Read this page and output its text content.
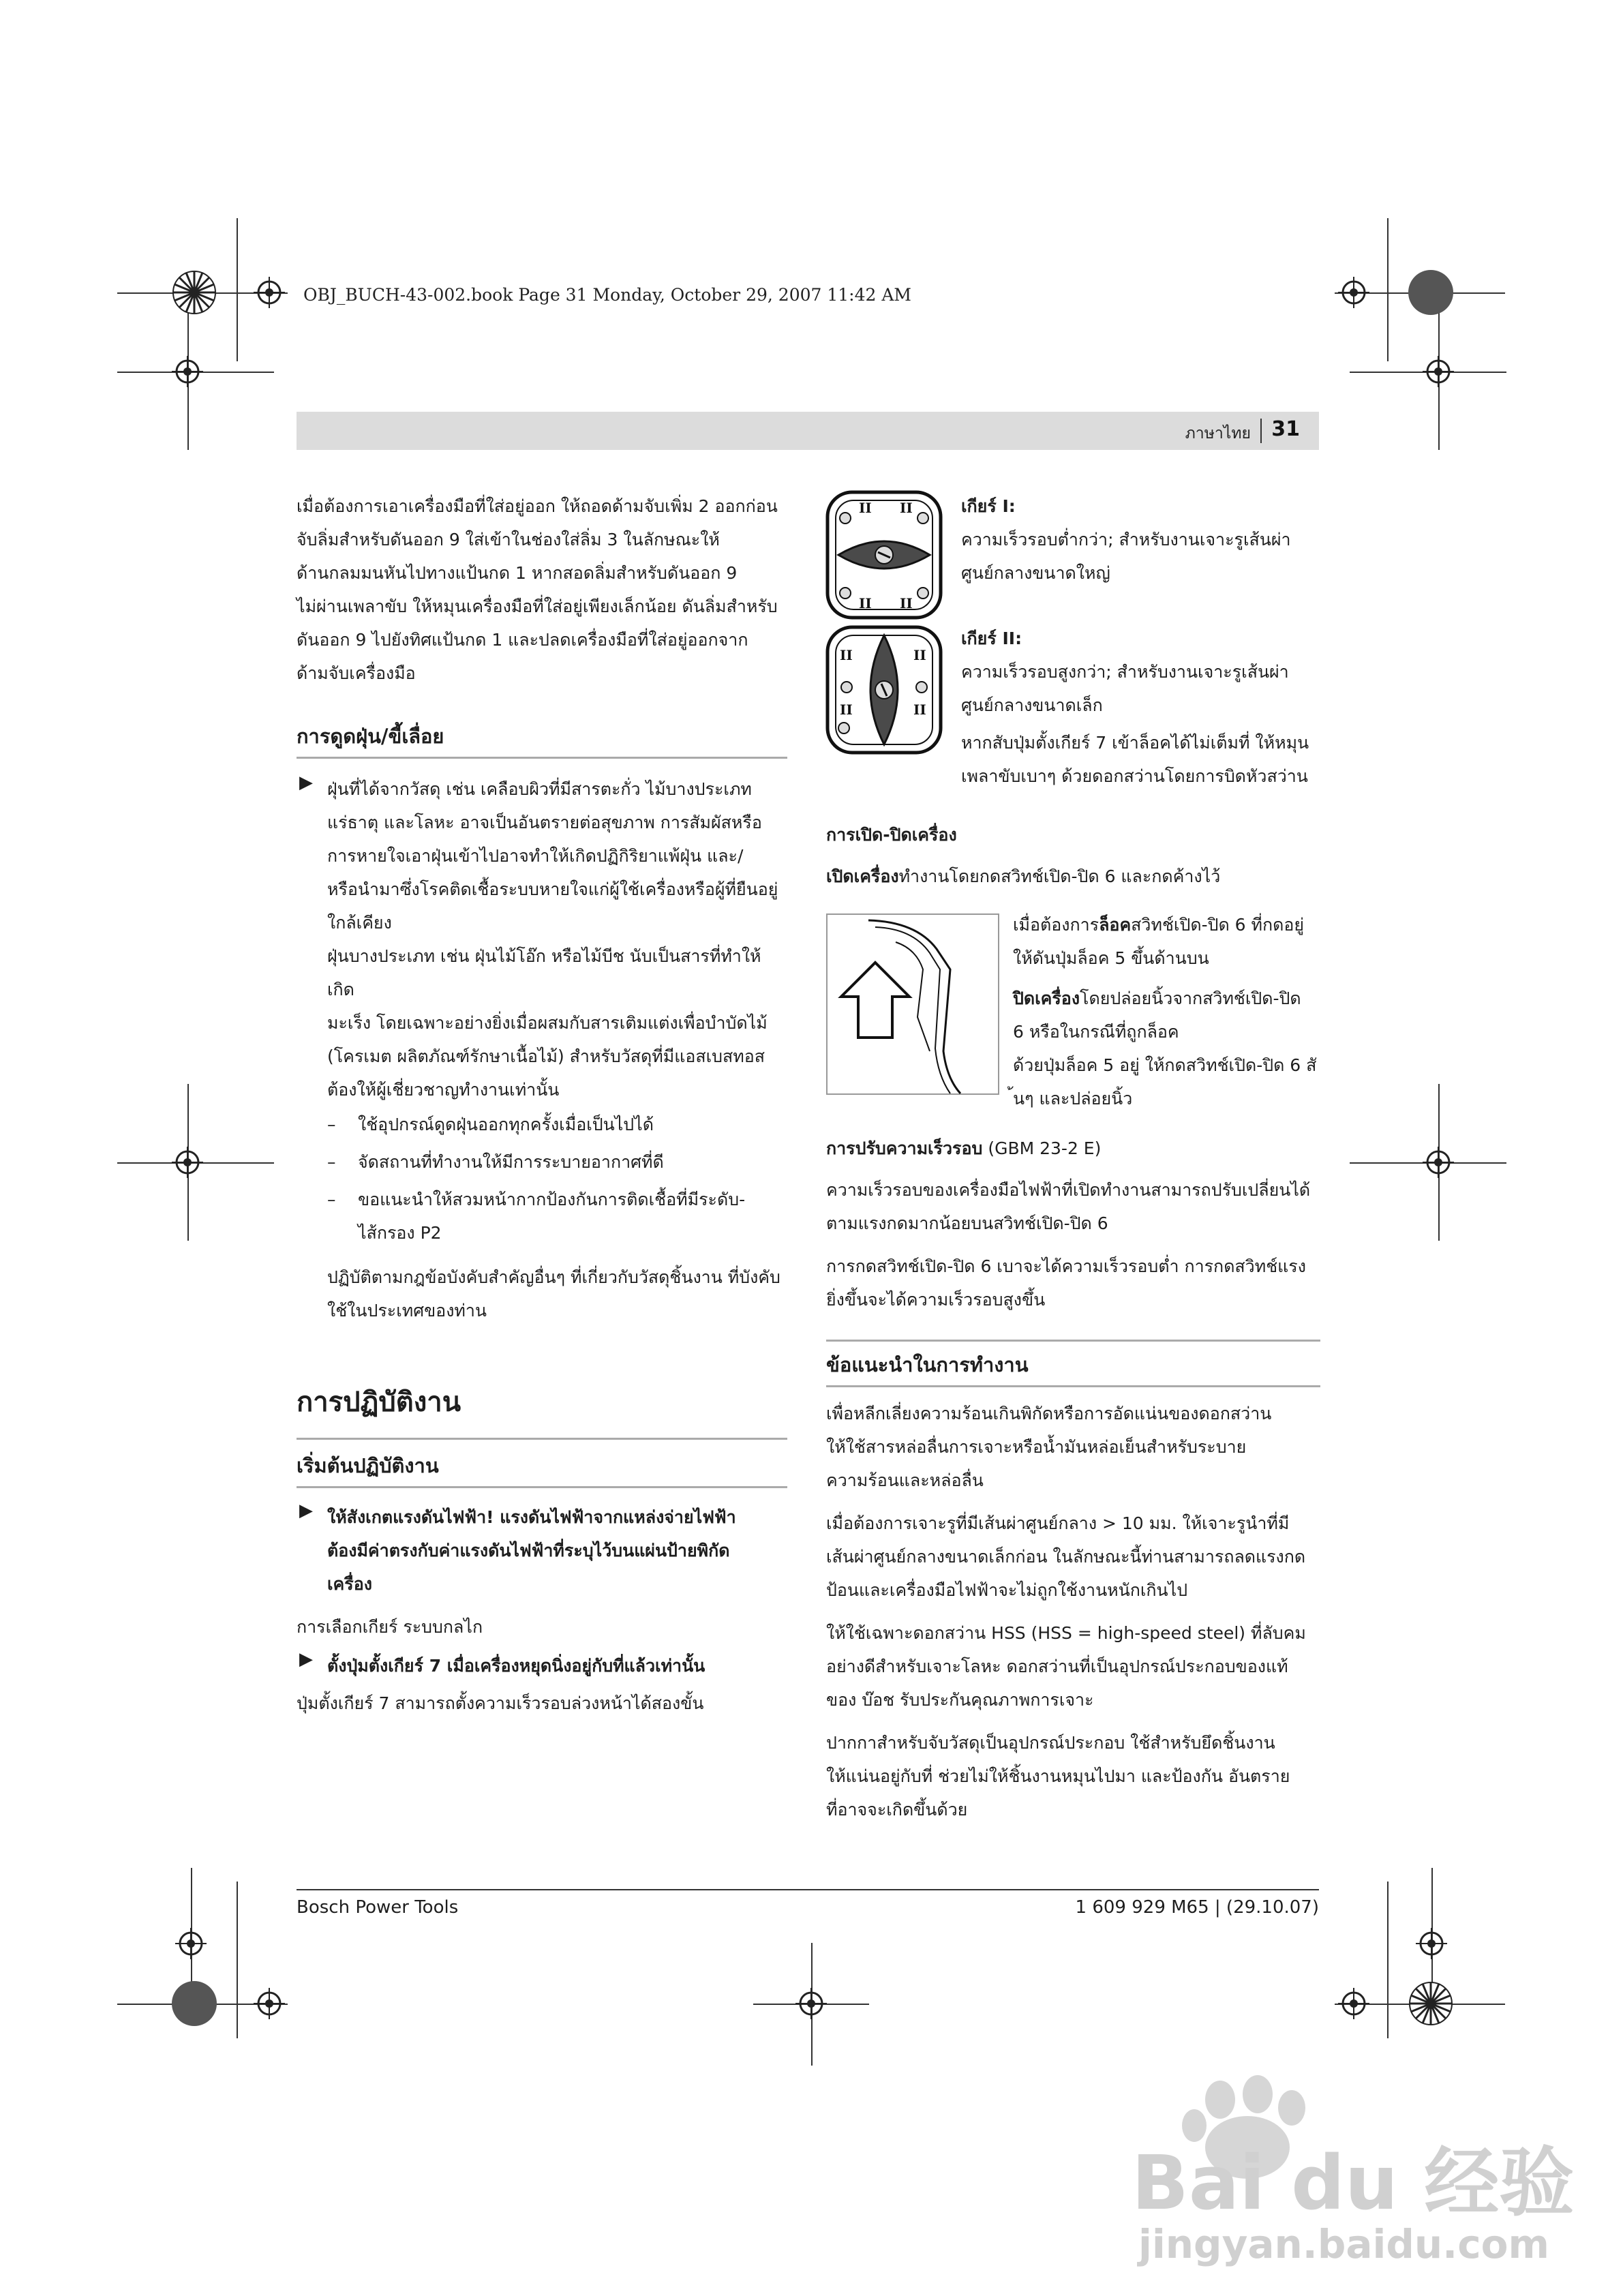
OBJ_BUCH-43-002.book Page 31 Monday, October 29, 2007 11:42 AM
ภาษาไทย 31

เมื่อต้องการเอาเครื่องมือที่ใส่อยู่ออก ให้ถอดด้ามจับเพิ่ม 2 ออกก่อน

จับลิ่มสำหรับดันออก 9 ใส่เข้าในช่องใส่ลิ่ม 3 ในลักษณะให้

ด้านกลมมนหันไปทางแป้นกด 1 หากสอดลิ่มสำหรับดันออก 9

ไม่ผ่านเพลาขับ ให้หมุนเครื่องมือที่ใส่อยู่เพียงเล็กน้อย ดันลิ่มสำหรับ

ดันออก 9 ไปยังทิศแป้นกด 1 และปลดเครื่องมือที่ใส่อยู่ออกจาก

ด้ามจับเครื่องมือ

การดูดฝุ่น/ขี้เลื่อย

▶ ฝุ่นที่ได้จากวัสดุ เช่น เคลือบผิวที่มีสารตะกั่ว ไม้บางประเภท

แร่ธาตุ และโลหะ อาจเป็นอันตรายต่อสุขภาพ การสัมผัสหรือ

การหายใจเอาฝุ่นเข้าไปอาจทำให้เกิดปฏิกิริยาแพ้ฝุ่น และ/

หรือนำมาซึ่งโรคติดเชื้อระบบหายใจแก่ผู้ใช้เครื่องหรือผู้ที่ยืนอยู่

ใกล้เคียง

ฝุ่นบางประเภท เช่น ฝุ่นไม้โอ๊ก หรือไม้บีช นับเป็นสารที่ทำให้เกิด

มะเร็ง โดยเฉพาะอย่างยิ่งเมื่อผสมกับสารเติมแต่งเพื่อบำบัดไม้

(โครเมต ผลิตภัณฑ์รักษาเนื้อไม้) สำหรับวัสดุที่มีแอสเบสทอส

ต้องให้ผู้เชี่ยวชาญทำงานเท่านั้น

– ใช้อุปกรณ์ดูดฝุ่นออกทุกครั้งเมื่อเป็นไปได้

– จัดสถานที่ทำงานให้มีการระบายอากาศที่ดี

– ขอแนะนำให้สวมหน้ากากป้องกันการติดเชื้อที่มีระดับ-

ไส้กรอง P2

ปฏิบัติตามกฎข้อบังคับสำคัญอื่นๆ ที่เกี่ยวกับวัสดุชิ้นงาน ที่บังคับ

ใช้ในประเทศของท่าน

การปฏิบัติงาน

เริ่มต้นปฏิบัติงาน

▶ ให้สังเกตแรงดันไฟฟ้า! แรงดันไฟฟ้าจากแหล่งจ่ายไฟฟ้า

ต้องมีค่าตรงกับค่าแรงดันไฟฟ้าที่ระบุไว้บนแผ่นป้ายพิกัด

เครื่อง

การเลือกเกียร์ ระบบกลไก

▶ ตั้งปุ่มตั้งเกียร์ 7 เมื่อเครื่องหยุดนิ่งอยู่กับที่แล้วเท่านั้น

ปุ่มตั้งเกียร์ 7 สามารถตั้งความเร็วรอบล่วงหน้าได้สองขั้น

II II
II II

เกียร์ I:

ความเร็วรอบต่ำกว่า; สำหรับงานเจาะรูเส้นผ่า

ศูนย์กลางขนาดใหญ่

II	II
II	II

เกียร์ II:

ความเร็วรอบสูงกว่า; สำหรับงานเจาะรูเส้นผ่า

ศูนย์กลางขนาดเล็ก

หากสับปุ่มตั้งเกียร์ 7 เข้าล็อคได้ไม่เต็มที่ ให้หมุน

เพลาขับเบาๆ ด้วยดอกสว่านโดยการบิดหัวสว่าน

การเปิด-ปิดเครื่อง

เปิดเครื่องทำงานโดยกดสวิทช์เปิด-ปิด 6 และกดค้างไว้

เมื่อต้องการล็อคสวิทช์เปิด-ปิด 6 ที่กดอยู่

ให้ดันปุ่มล็อค 5 ขึ้นด้านบน

ปิดเครื่องโดยปล่อยนิ้วจากสวิทช์เปิด-ปิด

6 หรือในกรณีที่ถูกล็อค

ด้วยปุ่มล็อค 5 อยู่ ให้กดสวิทช์เปิด-ปิด 6 สั

้นๆ และปล่อยนิ้ว

การปรับความเร็วรอบ (GBM 23-2 E)

ความเร็วรอบของเครื่องมือไฟฟ้าที่เปิดทำงานสามารถปรับเปลี่ยนได้

ตามแรงกดมากน้อยบนสวิทช์เปิด-ปิด 6

การกดสวิทช์เปิด-ปิด 6 เบาจะได้ความเร็วรอบต่ำ การกดสวิทช์แรง

ยิ่งขึ้นจะได้ความเร็วรอบสูงขึ้น

ข้อแนะนำในการทำงาน

เพื่อหลีกเลี่ยงความร้อนเกินพิกัดหรือการอัดแน่นของดอกสว่าน

ให้ใช้สารหล่อลื่นการเจาะหรือน้ำมันหล่อเย็นสำหรับระบาย

ความร้อนและหล่อลื่น

เมื่อต้องการเจาะรูที่มีเส้นผ่าศูนย์กลาง > 10 มม. ให้เจาะรูนำที่มี

เส้นผ่าศูนย์กลางขนาดเล็กก่อน ในลักษณะนี้ท่านสามารถลดแรงกด

ป้อนและเครื่องมือไฟฟ้าจะไม่ถูกใช้งานหนักเกินไป

ให้ใช้เฉพาะดอกสว่าน HSS (HSS = high-speed steel) ที่ลับคม

อย่างดีสำหรับเจาะโลหะ ดอกสว่านที่เป็นอุปกรณ์ประกอบของแท้

ของ บ๊อช รับประกันคุณภาพการเจาะ

ปากกาสำหรับจับวัสดุเป็นอุปกรณ์ประกอบ ใช้สำหรับยึดชิ้นงาน

ให้แน่นอยู่กับที่ ช่วยไม่ให้ชิ้นงานหมุนไปมา และป้องกัน อันตราย

ที่อาจจะเกิดขึ้นด้วย

Bosch Power Tools	1 609 929 M65 | (29.10.07)
Bai du 经验
jingyan.baidu.com
